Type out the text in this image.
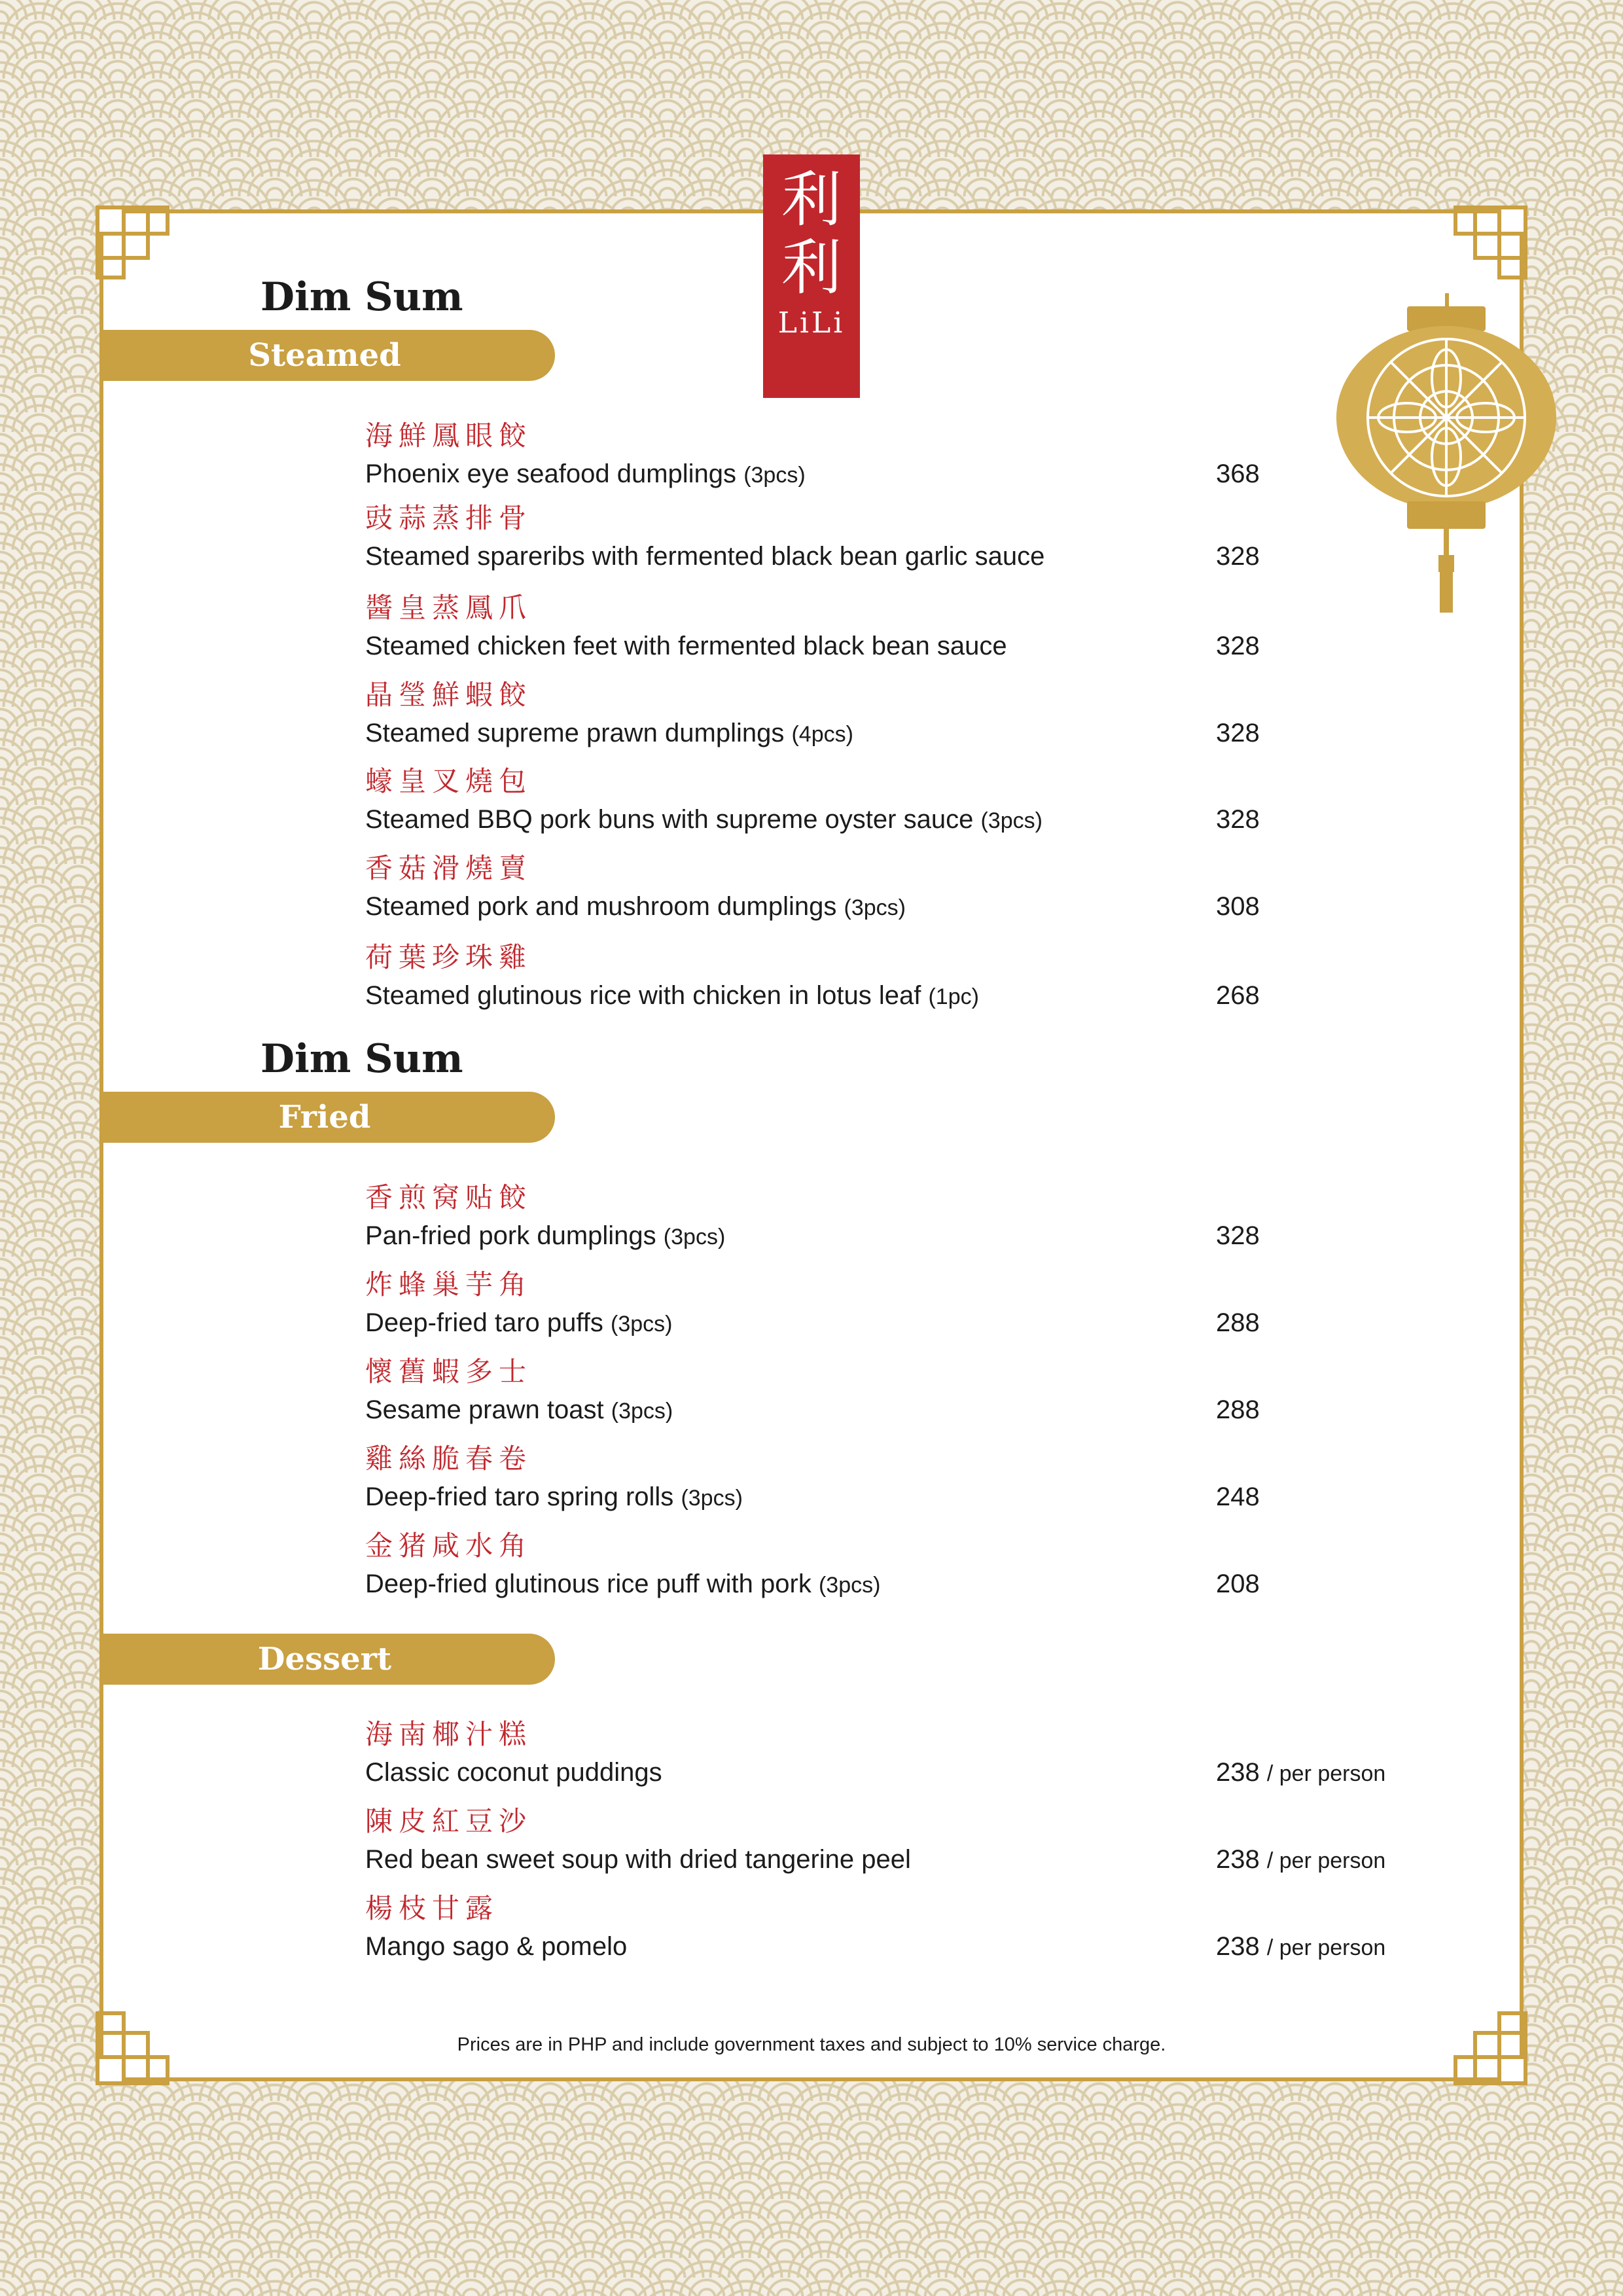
利
利
LiLi
Dim Sum
Steamed
海鮮鳳眼餃
Phoenix eye seafood dumplings (3pcs)	368
豉蒜蒸排骨
Steamed spareribs with fermented black bean garlic sauce	328
醬皇蒸鳳爪
Steamed chicken feet with fermented black bean sauce	328
晶瑩鮮蝦餃
Steamed supreme prawn dumplings (4pcs)	328
蠔皇叉燒包
Steamed BBQ pork buns with supreme oyster sauce (3pcs)	328
香菇滑燒賣
Steamed pork and mushroom dumplings (3pcs)	308
荷葉珍珠雞
Steamed glutinous rice with chicken in lotus leaf (1pc)	268
Dim Sum
Fried
香煎窝贴餃
Pan-fried pork dumplings (3pcs)	328
炸蜂巢芋角
Deep-fried taro puffs (3pcs)	288
懷舊蝦多士
Sesame prawn toast (3pcs)	288
雞絲脆春卷
Deep-fried taro spring rolls (3pcs)	248
金猪咸水角
Deep-fried glutinous rice puff with pork (3pcs)	208
Dessert
海南椰汁糕
Classic coconut puddings	238 / per person
陳皮紅豆沙
Red bean sweet soup with dried tangerine peel	238 / per person
楊枝甘露
Mango sago & pomelo	238 / per person
Prices are in PHP and include government taxes and subject to 10% service charge.
